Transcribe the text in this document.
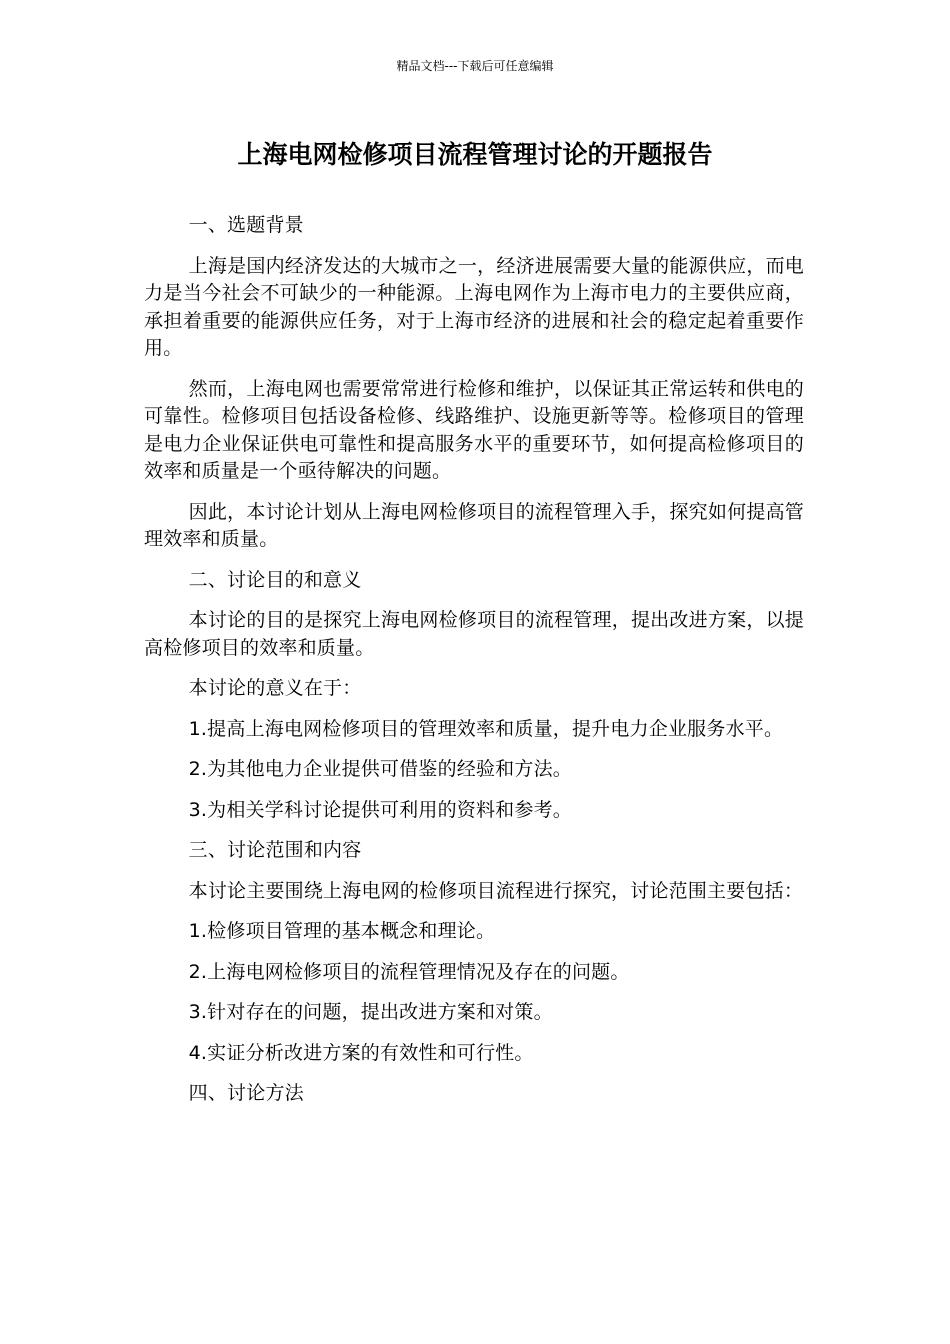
精品文档---下载后可任意编辑
上海电网检修项目流程管理讨论的开题报告

一、选题背景

上海是国内经济发达的大城市之一，经济进展需要大量的能源供应，而电力是当今社会不可缺少的一种能源。上海电网作为上海市电力的主要供应商，承担着重要的能源供应任务，对于上海市经济的进展和社会的稳定起着重要作用。

然而，上海电网也需要常常进行检修和维护，以保证其正常运转和供电的可靠性。检修项目包括设备检修、线路维护、设施更新等等。检修项目的管理是电力企业保证供电可靠性和提高服务水平的重要环节，如何提高检修项目的效率和质量是一个亟待解决的问题。

因此，本讨论计划从上海电网检修项目的流程管理入手，探究如何提高管理效率和质量。

二、讨论目的和意义

本讨论的目的是探究上海电网检修项目的流程管理，提出改进方案，以提高检修项目的效率和质量。

本讨论的意义在于：

1.提高上海电网检修项目的管理效率和质量，提升电力企业服务水平。

2.为其他电力企业提供可借鉴的经验和方法。

3.为相关学科讨论提供可利用的资料和参考。

三、讨论范围和内容

本讨论主要围绕上海电网的检修项目流程进行探究，讨论范围主要包括：

1.检修项目管理的基本概念和理论。

2.上海电网检修项目的流程管理情况及存在的问题。

3.针对存在的问题，提出改进方案和对策。

4.实证分析改进方案的有效性和可行性。

四、讨论方法
